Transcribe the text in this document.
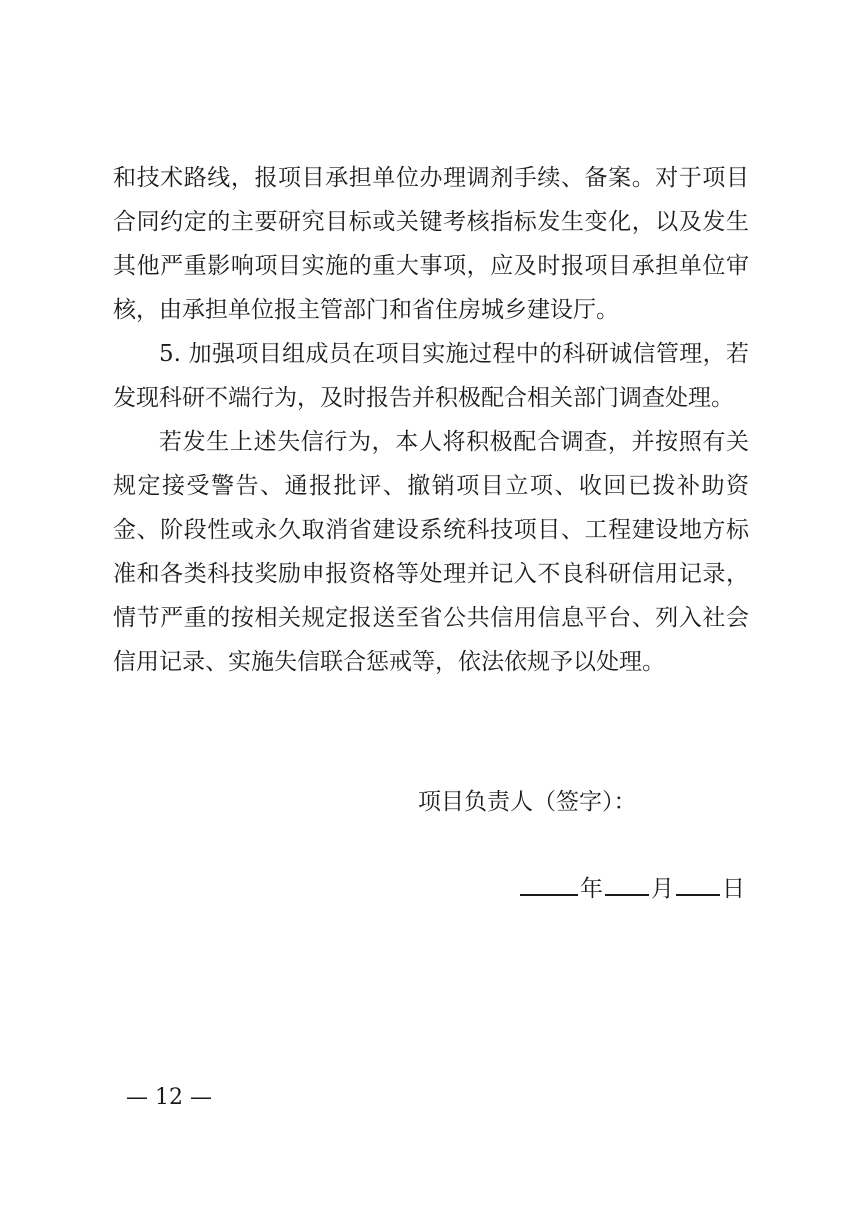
和技术路线，报项目承担单位办理调剂手续、备案。对于项目合同约定的主要研究目标或关键考核指标发生变化，以及发生其他严重影响项目实施的重大事项，应及时报项目承担单位审核，由承担单位报主管部门和省住房城乡建设厅。

5. 加强项目组成员在项目实施过程中的科研诚信管理，若发现科研不端行为，及时报告并积极配合相关部门调查处理。

若发生上述失信行为，本人将积极配合调查，并按照有关规定接受警告、通报批评、撤销项目立项、收回已拨补助资金、阶段性或永久取消省建设系统科技项目、工程建设地方标准和各类科技奖励申报资格等处理并记入不良科研信用记录，情节严重的按相关规定报送至省公共信用信息平台、列入社会信用记录、实施失信联合惩戒等，依法依规予以处理。

项目负责人（签字）：
年 月 日
— 12 —
